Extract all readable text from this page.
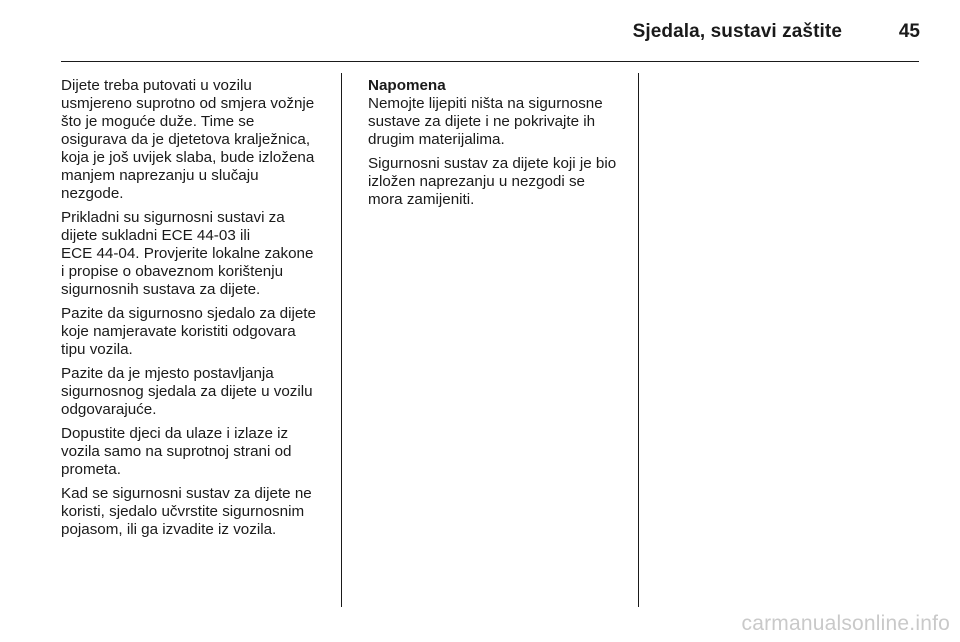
Sjedala, sustavi zaštite	45

Dijete treba putovati u vozilu
usmjereno suprotno od smjera vožnje
što je moguće duže. Time se
osigurava da je djetetova kralježnica,
koja je još uvijek slaba, bude izložena
manjem naprezanju u slučaju
nezgode.

Prikladni su sigurnosni sustavi za
dijete sukladni ECE 44-03 ili
ECE 44-04. Provjerite lokalne zakone
i propise o obaveznom korištenju
sigurnosnih sustava za dijete.

Pazite da sigurnosno sjedalo za dijete
koje namjeravate koristiti odgovara
tipu vozila.

Pazite da je mjesto postavljanja
sigurnosnog sjedala za dijete u vozilu
odgovarajuće.

Dopustite djeci da ulaze i izlaze iz
vozila samo na suprotnoj strani od
prometa.

Kad se sigurnosni sustav za dijete ne
koristi, sjedalo učvrstite sigurnosnim
pojasom, ili ga izvadite iz vozila.

Napomena

Nemojte lijepiti ništa na sigurnosne
sustave za dijete i ne pokrivajte ih
drugim materijalima.

Sigurnosni sustav za dijete koji je bio
izložen naprezanju u nezgodi se
mora zamijeniti.

carmanualsonline.info
